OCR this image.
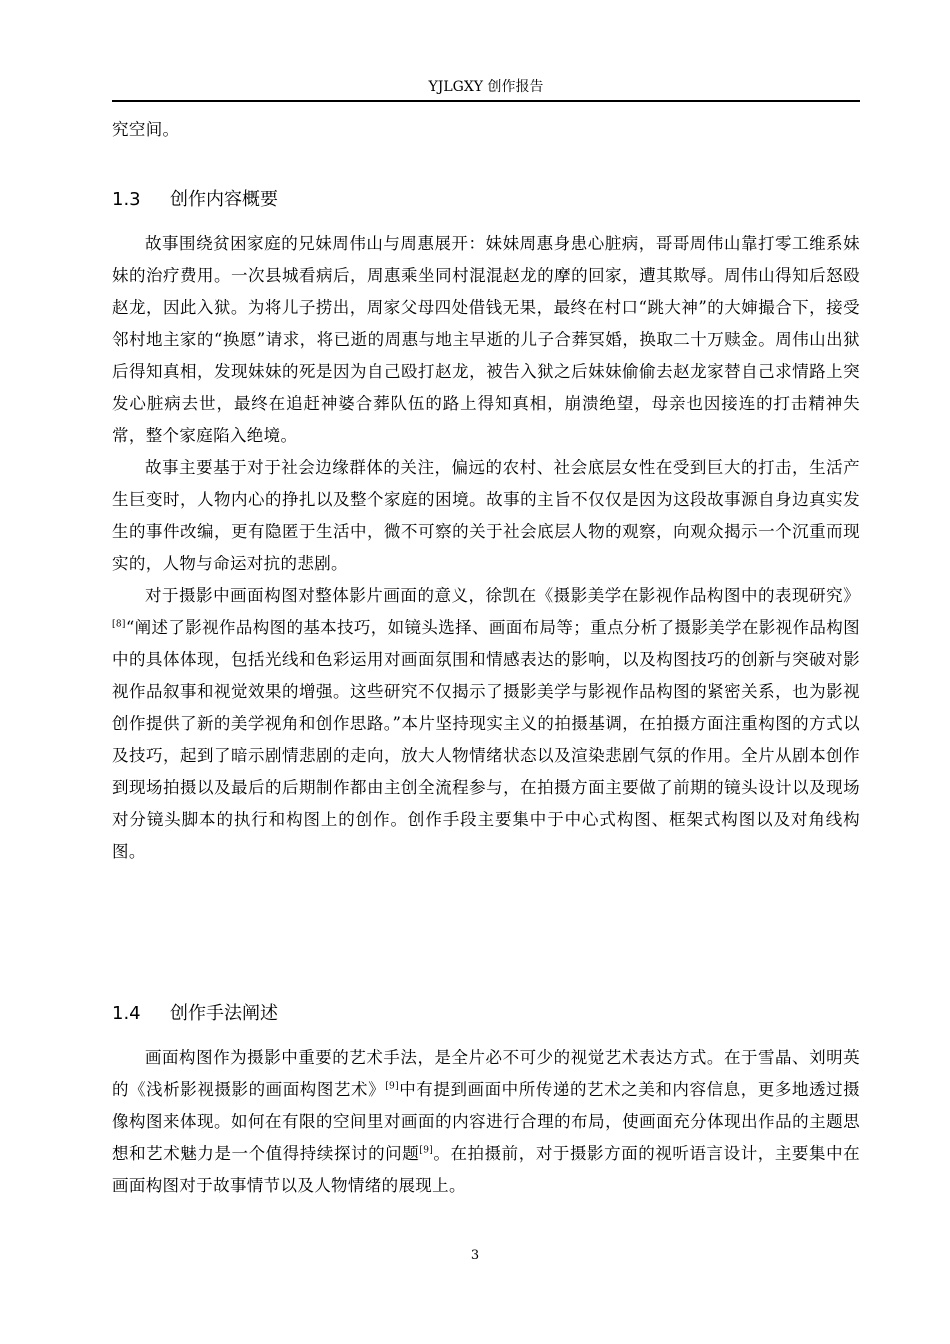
YJLGXY 创作报告

究空间。

1.3 创作内容概要

故事围绕贫困家庭的兄妹周伟山与周惠展开：妹妹周惠身患心脏病，哥哥周伟山靠打零工维系妹妹的治疗费用。一次县城看病后，周惠乘坐同村混混赵龙的摩的回家，遭其欺辱。周伟山得知后怒殴赵龙，因此入狱。为将儿子捞出，周家父母四处借钱无果，最终在村口“跳大神”的大婶撮合下，接受邻村地主家的“换愿”请求，将已逝的周惠与地主早逝的儿子合葬冥婚，换取二十万赎金。周伟山出狱后得知真相，发现妹妹的死是因为自己殴打赵龙，被告入狱之后妹妹偷偷去赵龙家替自己求情路上突发心脏病去世，最终在追赶神婆合葬队伍的路上得知真相，崩溃绝望，母亲也因接连的打击精神失常，整个家庭陷入绝境。

故事主要基于对于社会边缘群体的关注，偏远的农村、社会底层女性在受到巨大的打击，生活产生巨变时，人物内心的挣扎以及整个家庭的困境。故事的主旨不仅仅是因为这段故事源自身边真实发生的事件改编，更有隐匿于生活中，微不可察的关于社会底层人物的观察，向观众揭示一个沉重而现实的，人物与命运对抗的悲剧。

对于摄影中画面构图对整体影片画面的意义，徐凯在《摄影美学在影视作品构图中的表现研究》[8]“阐述了影视作品构图的基本技巧，如镜头选择、画面布局等；重点分析了摄影美学在影视作品构图中的具体体现，包括光线和色彩运用对画面氛围和情感表达的影响，以及构图技巧的创新与突破对影视作品叙事和视觉效果的增强。这些研究不仅揭示了摄影美学与影视作品构图的紧密关系，也为影视创作提供了新的美学视角和创作思路。”本片坚持现实主义的拍摄基调，在拍摄方面注重构图的方式以及技巧，起到了暗示剧情悲剧的走向，放大人物情绪状态以及渲染悲剧气氛的作用。全片从剧本创作到现场拍摄以及最后的后期制作都由主创全流程参与，在拍摄方面主要做了前期的镜头设计以及现场对分镜头脚本的执行和构图上的创作。创作手段主要集中于中心式构图、框架式构图以及对角线构图。

1.4 创作手法阐述

画面构图作为摄影中重要的艺术手法，是全片必不可少的视觉艺术表达方式。在于雪晶、刘明英的《浅析影视摄影的画面构图艺术》[9]中有提到画面中所传递的艺术之美和内容信息，更多地透过摄像构图来体现。如何在有限的空间里对画面的内容进行合理的布局，使画面充分体现出作品的主题思想和艺术魅力是一个值得持续探讨的问题[9]。在拍摄前，对于摄影方面的视听语言设计，主要集中在画面构图对于故事情节以及人物情绪的展现上。

3
